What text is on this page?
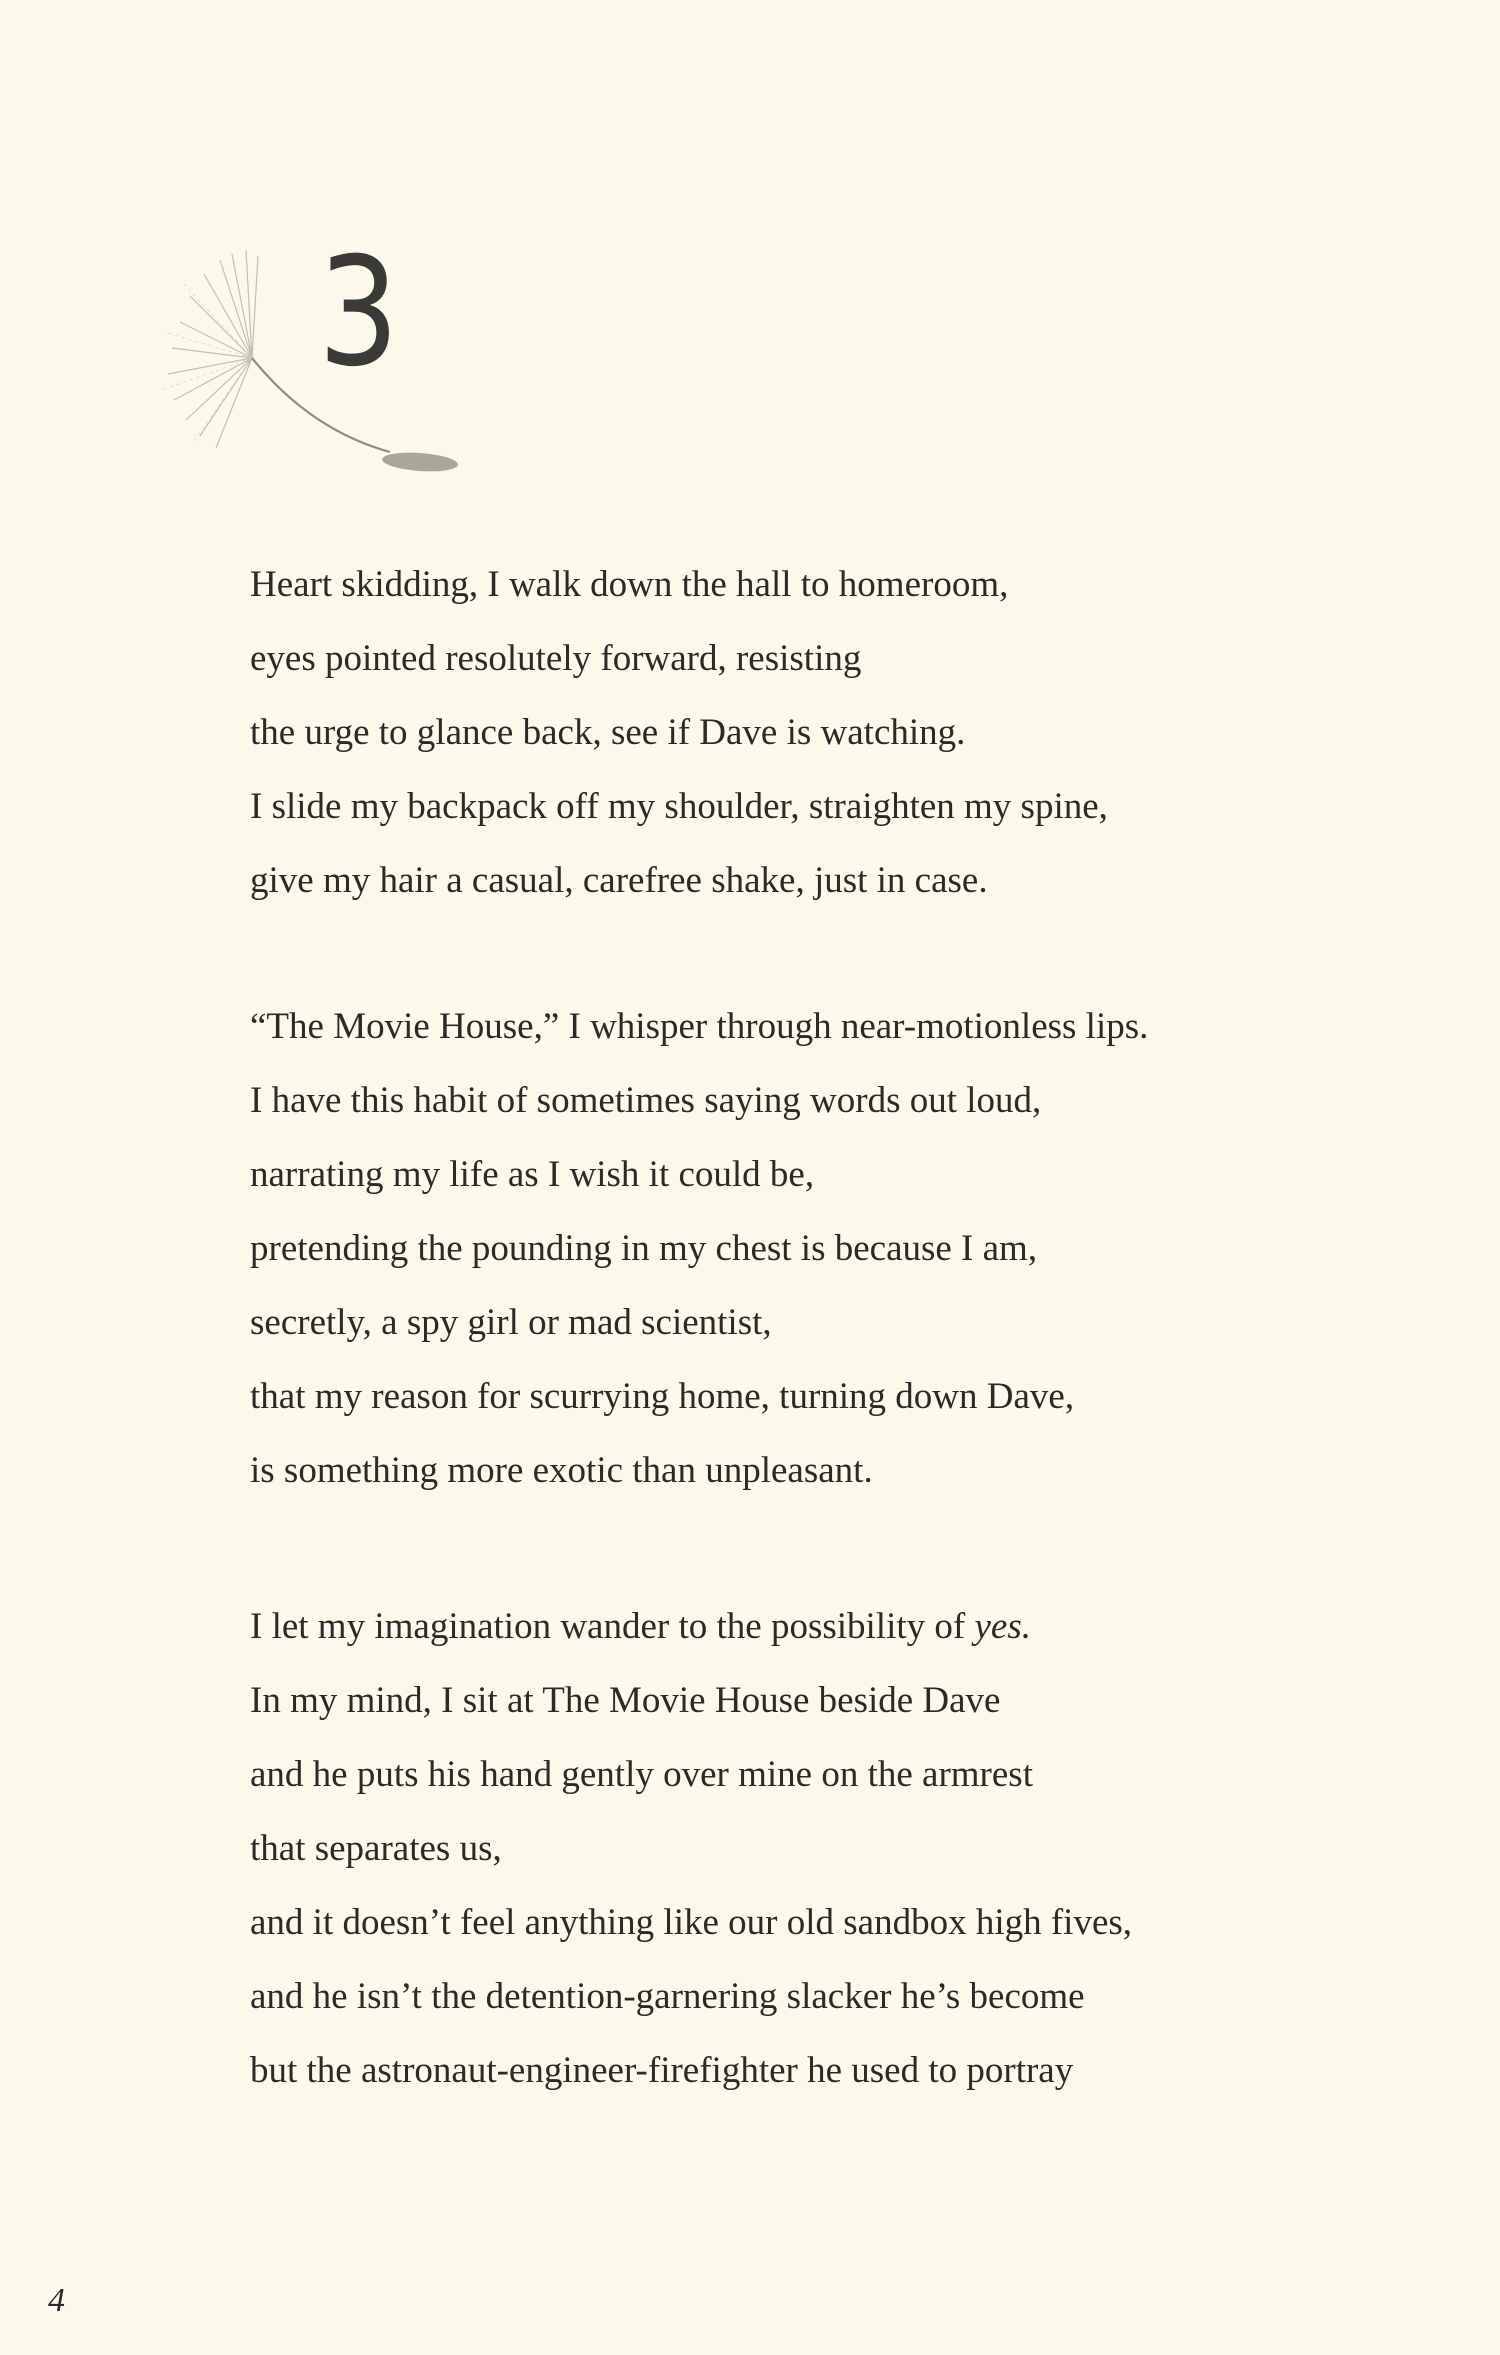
3
Heart skidding, I walk down the hall to homeroom,
eyes pointed resolutely forward, resisting
the urge to glance back, see if Dave is watching.
I slide my backpack off my shoulder, straighten my spine,
give my hair a casual, carefree shake, just in case.
“The Movie House,” I whisper through near-motionless lips.
I have this habit of sometimes saying words out loud,
narrating my life as I wish it could be,
pretending the pounding in my chest is because I am,
secretly, a spy girl or mad scientist,
that my reason for scurrying home, turning down Dave,
is something more exotic than unpleasant.
I let my imagination wander to the possibility of yes.
In my mind, I sit at The Movie House beside Dave
and he puts his hand gently over mine on the armrest
that separates us,
and it doesn’t feel anything like our old sandbox high fives,
and he isn’t the detention-garnering slacker he’s become
but the astronaut-engineer-firefighter he used to portray
4
